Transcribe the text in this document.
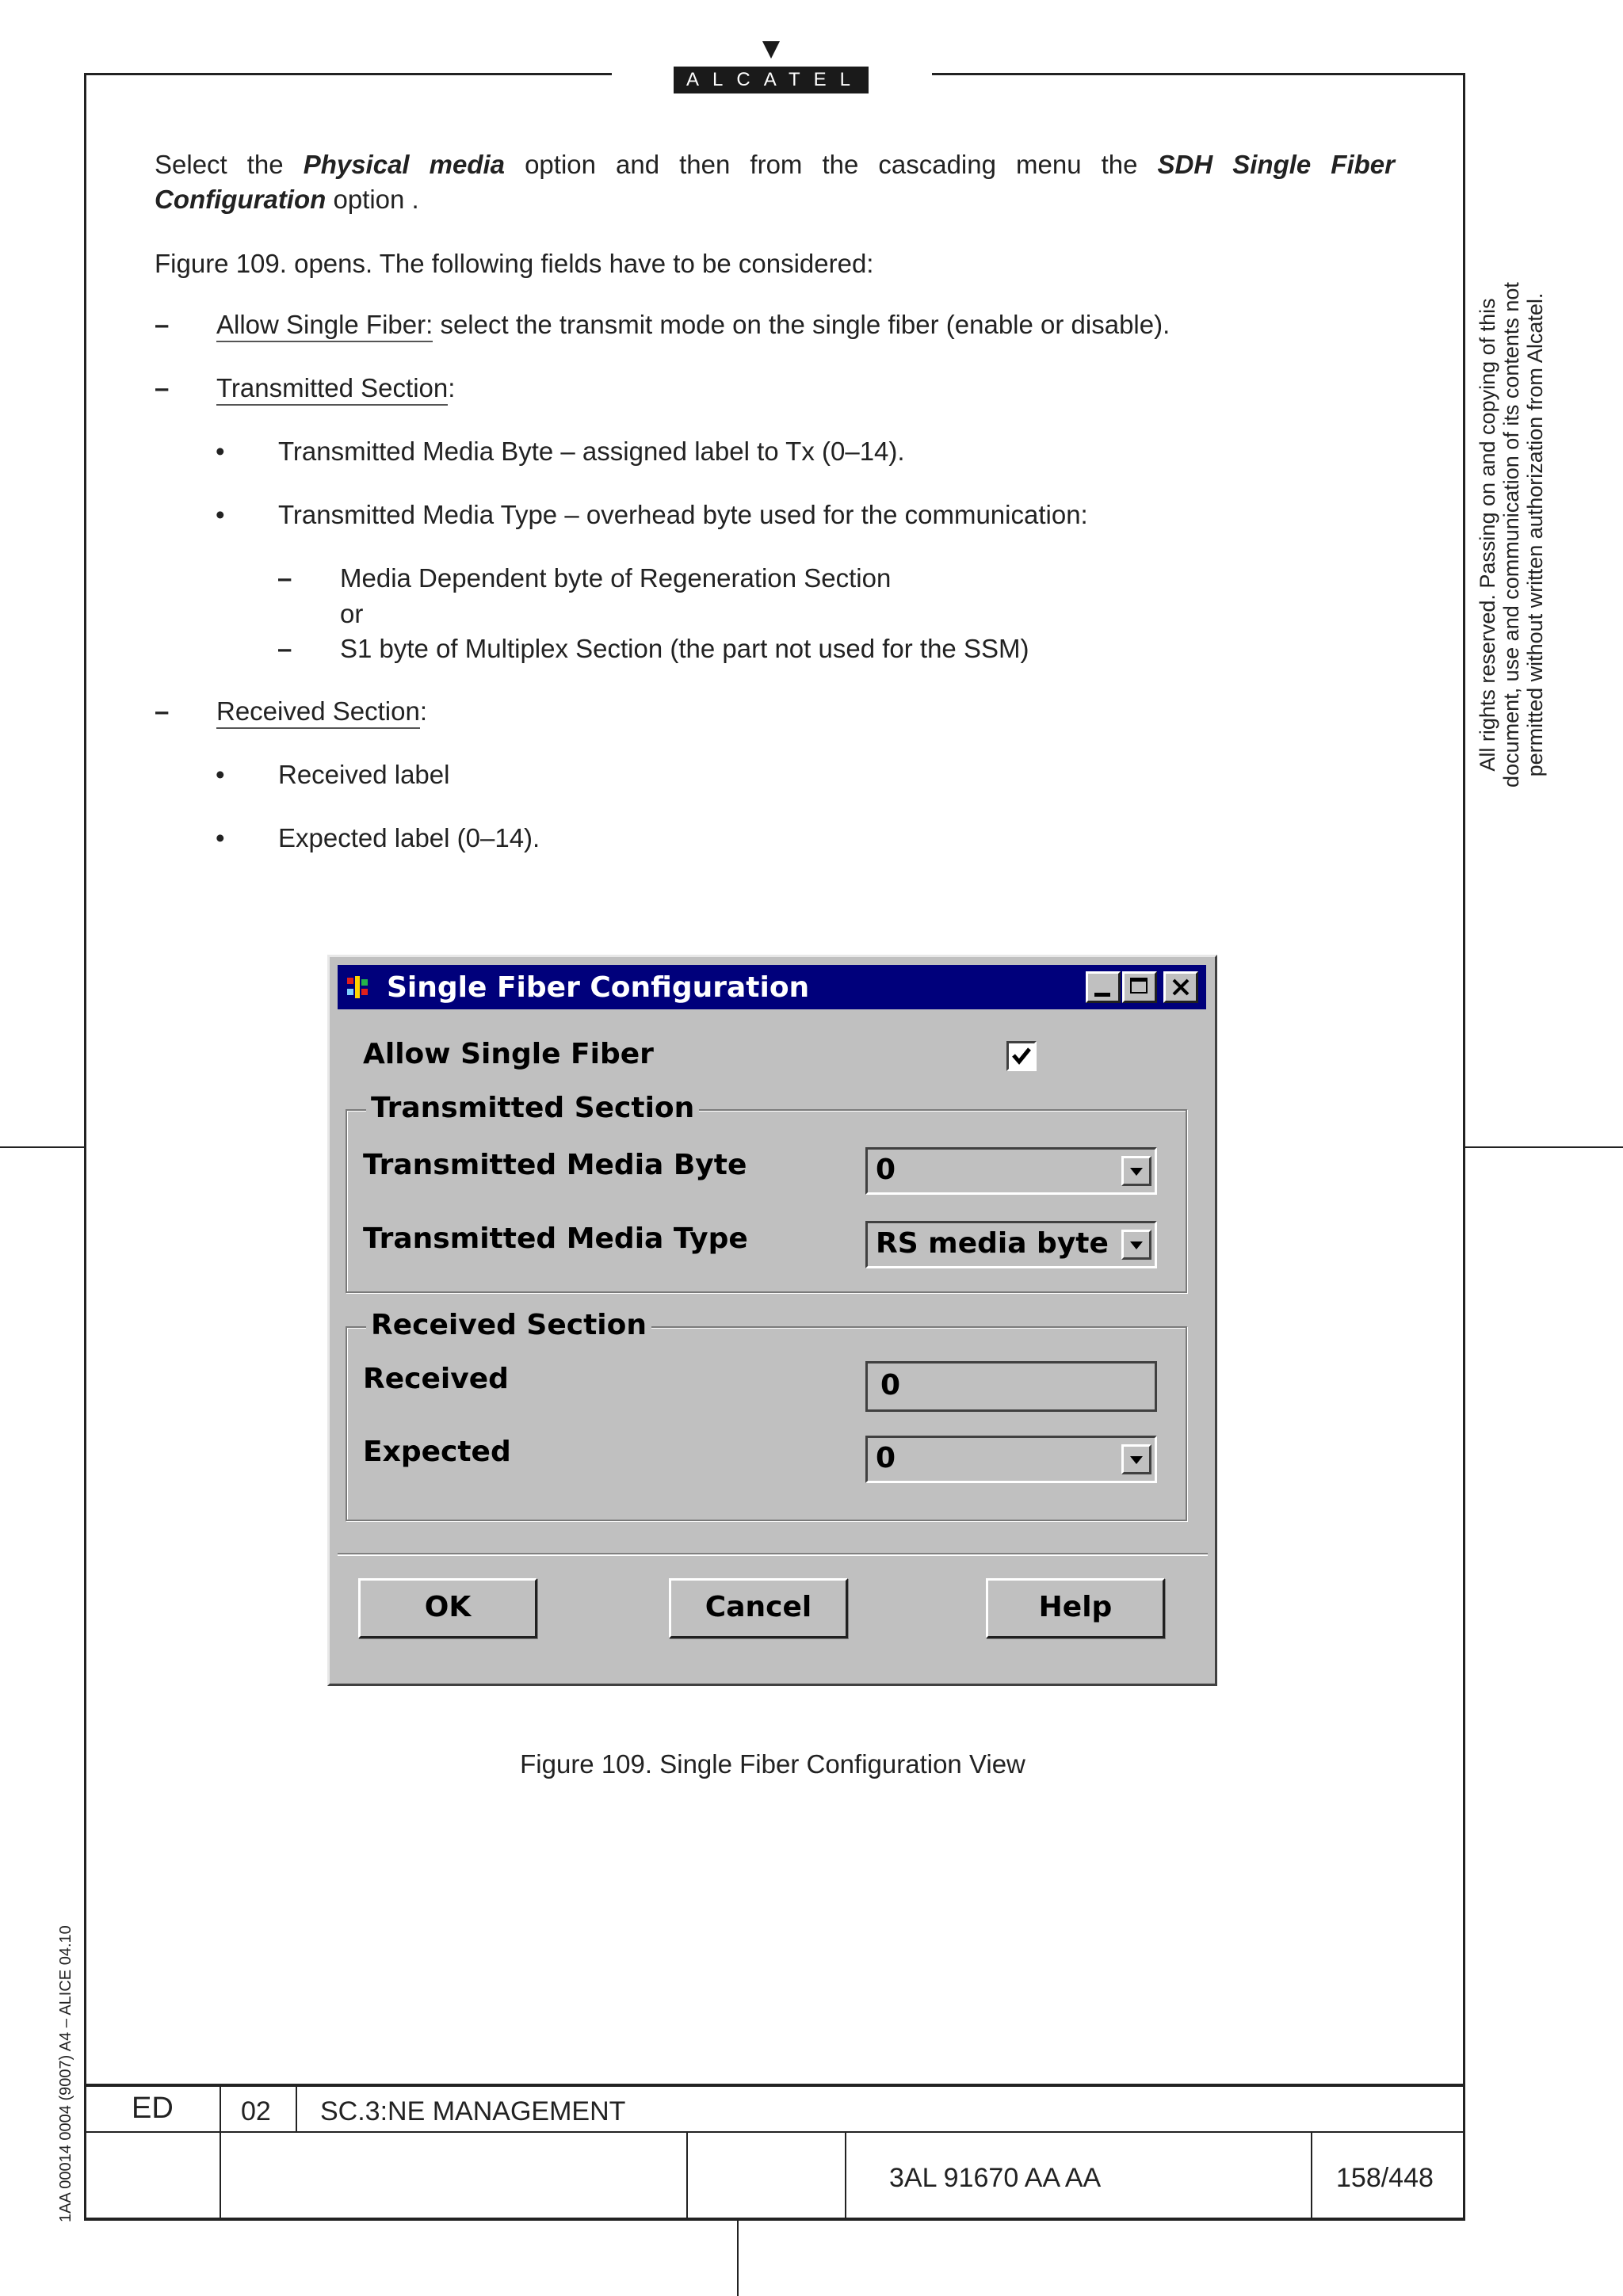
ALCATEL
Select the Physical media option and then from the cascading menu the SDH Single Fiber Configuration option .
Figure 109. opens. The following fields have to be considered:
– Allow Single Fiber: select the transmit mode on the single fiber (enable or disable).
– Transmitted Section:
• Transmitted Media Byte – assigned label to Tx (0–14).
• Transmitted Media Type – overhead byte used for the communication:
– Media Dependent byte of Regeneration Section
or
– S1 byte of Multiplex Section (the part not used for the SSM)
– Received Section:
• Received label
• Expected label (0–14).
All rights reserved. Passing on and copying of this document, use and communication of its contents not permitted without written authorization from Alcatel.
1AA 00014 0004 (9007) A4 – ALICE 04.10
Single Fiber Configuration
Allow Single Fiber
Transmitted Section
Transmitted Media Byte	0
Transmitted Media Type	RS media byte
Received Section
Received	0
Expected	0
OK	Cancel	Help
Figure 109. Single Fiber Configuration View
ED	02 SC.3:NE MANAGEMENT
3AL 91670 AA AA	158/448
